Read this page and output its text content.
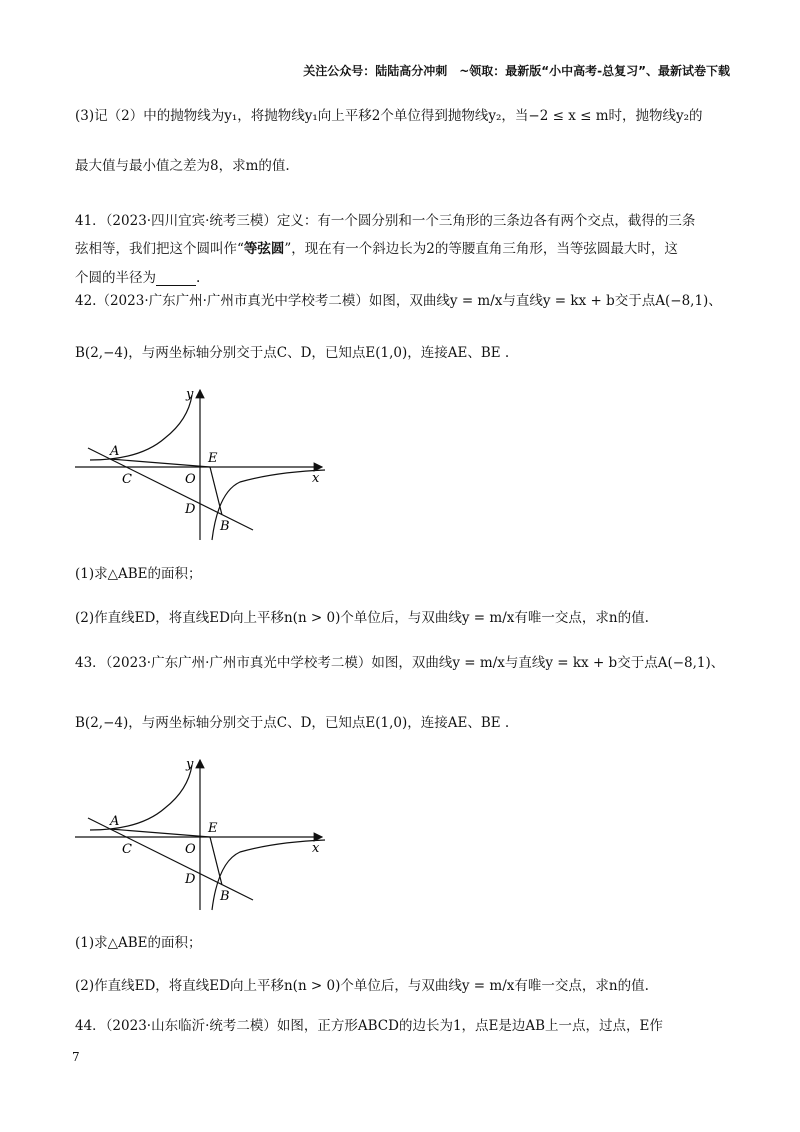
关注公众号：陆陆高分冲刺　~领取：最新版“小中高考-总复习”、最新试卷下载
(3)记（2）中的抛物线为y₁，将抛物线y₁向上平移2个单位得到抛物线y₂，当−2 ≤ x ≤ m时，抛物线y₂的
最大值与最小值之差为8，求m的值.
41．（2023·四川宜宾·统考三模）定义：有一个圆分别和一个三角形的三条边各有两个交点，截得的三条
弦相等，我们把这个圆叫作“等弦圆”，现在有一个斜边长为2的等腰直角三角形，当等弦圆最大时，这
个圆的半径为	.
42.（2023·广东广州·广州市真光中学校考二模）如图，双曲线y = m/x与直线y = kx + b交于点A(−8,1)、
B(2,−4)，与两坐标轴分别交于点C、D，已知点E(1,0)，连接AE、BE .
y
x
A	E
C	O
D
B
(1)求△ABE的面积；
(2)作直线ED，将直线ED向上平移n(n > 0)个单位后，与双曲线y = m/x有唯一交点，求n的值.
43．（2023·广东广州·广州市真光中学校考二模）如图，双曲线y = m/x与直线y = kx + b交于点A(−8,1)、
B(2,−4)，与两坐标轴分别交于点C、D，已知点E(1,0)，连接AE、BE .
y
x
A	E
C	O
D
B
(1)求△ABE的面积；
(2)作直线ED，将直线ED向上平移n(n > 0)个单位后，与双曲线y = m/x有唯一交点，求n的值.
44．（2023·山东临沂·统考二模）如图，正方形ABCD的边长为1，点E是边AB上一点，过点，E作
7
